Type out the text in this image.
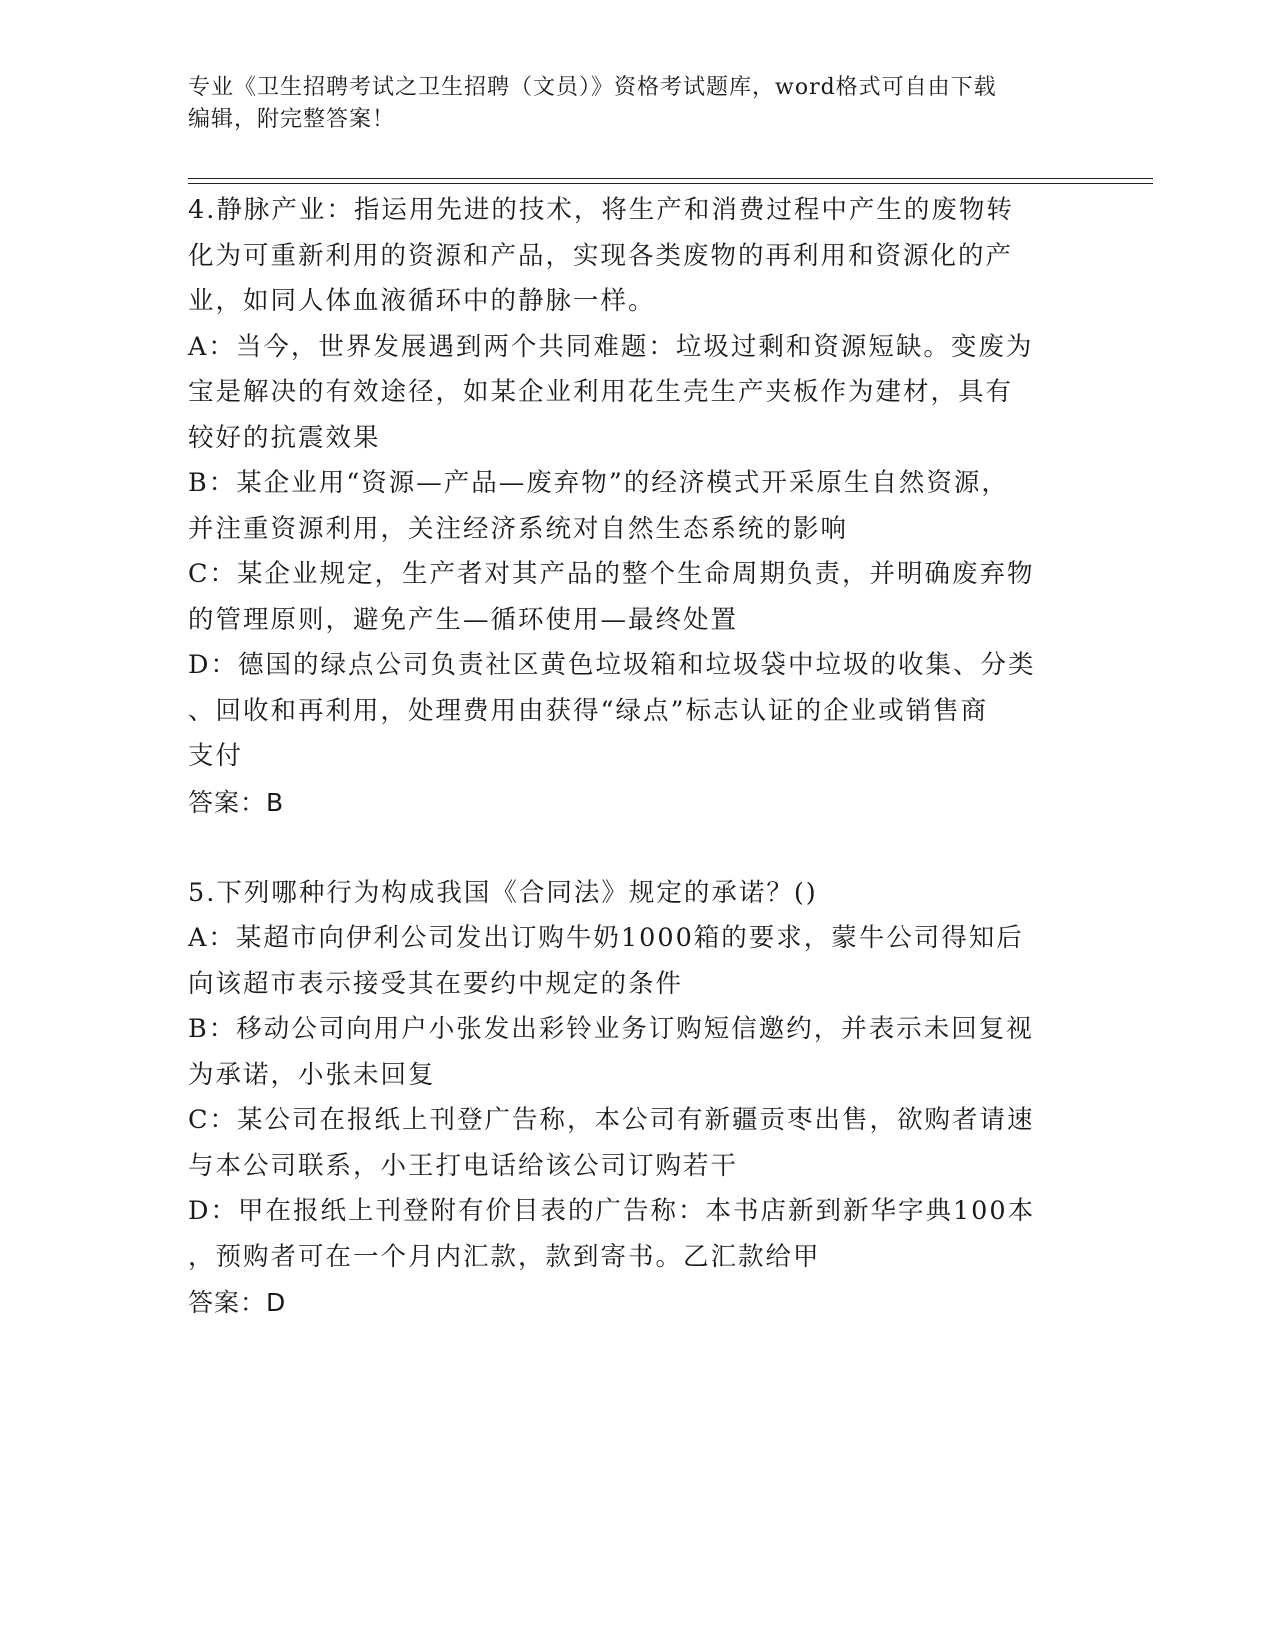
专业《卫生招聘考试之卫生招聘（文员）》资格考试题库，word格式可自由下载
编辑，附完整答案！
4.静脉产业：指运用先进的技术，将生产和消费过程中产生的废物转
化为可重新利用的资源和产品，实现各类废物的再利用和资源化的产
业，如同人体血液循环中的静脉一样。
A：当今，世界发展遇到两个共同难题：垃圾过剩和资源短缺。变废为
宝是解决的有效途径，如某企业利用花生壳生产夹板作为建材，具有
较好的抗震效果
B：某企业用“资源—产品—废弃物”的经济模式开采原生自然资源，
并注重资源利用，关注经济系统对自然生态系统的影响
C：某企业规定，生产者对其产品的整个生命周期负责，并明确废弃物
的管理原则，避免产生—循环使用—最终处置
D：德国的绿点公司负责社区黄色垃圾箱和垃圾袋中垃圾的收集、分类
、回收和再利用，处理费用由获得“绿点”标志认证的企业或销售商
支付
答案：B
5.下列哪种行为构成我国《合同法》规定的承诺？()
A：某超市向伊利公司发出订购牛奶1000箱的要求，蒙牛公司得知后
向该超市表示接受其在要约中规定的条件
B：移动公司向用户小张发出彩铃业务订购短信邀约，并表示未回复视
为承诺，小张未回复
C：某公司在报纸上刊登广告称，本公司有新疆贡枣出售，欲购者请速
与本公司联系，小王打电话给该公司订购若干
D：甲在报纸上刊登附有价目表的广告称：本书店新到新华字典100本
，预购者可在一个月内汇款，款到寄书。乙汇款给甲
答案：D
